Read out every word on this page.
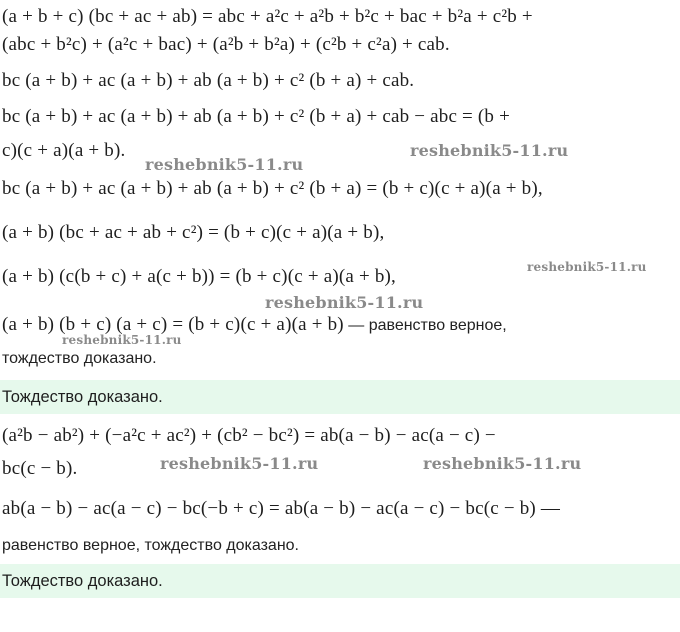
(a + b + c) (bc + ac + ab) = abc + a²c + a²b + b²c + bac + b²a + c²b +
(abc + b²c) + (a²c + bac) + (a²b + b²a) + (c²b + c²a) + cab.
bc (a + b) + ac (a + b) + ab (a + b) + c² (b + a) + cab.
bc (a + b) + ac (a + b) + ab (a + b) + c² (b + a) + cab − abc = (b +
c)(c + a)(a + b).
bc (a + b) + ac (a + b) + ab (a + b) + c² (b + a) = (b + c)(c + a)(a + b),
(a + b) (bc + ac + ab + c²) = (b + c)(c + a)(a + b),
(a + b) (c(b + c) + a(c + b)) = (b + c)(c + a)(a + b),
(a + b) (b + c) (a + c) = (b + c)(c + a)(a + b) — равенство верное,
тождество доказано.
Тождество доказано.
(a²b − ab²) + (−a²c + ac²) + (cb² − bc²) = ab(a − b) − ac(a − c) −
bc(c − b).
ab(a − b) − ac(a − c) − bc(−b + c) = ab(a − b) − ac(a − c) − bc(c − b) —
равенство верное, тождество доказано.
Тождество доказано.
reshebnik5-11.ru
reshebnik5-11.ru
reshebnik5-11.ru
reshebnik5-11.ru
reshebnik5-11.ru
reshebnik5-11.ru	reshebnik5-11.ru
